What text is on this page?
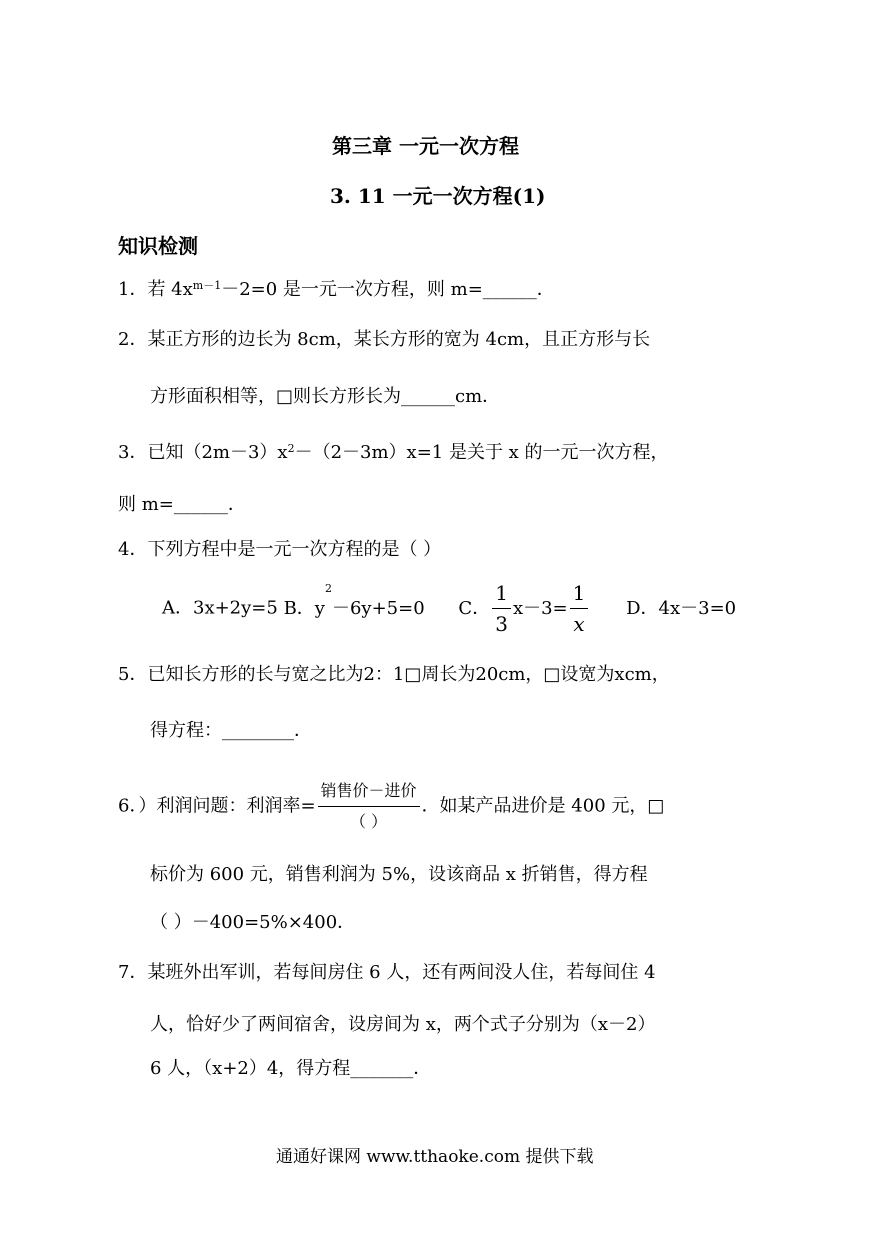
第三章 一元一次方程
3. 11 一元一次方程(1)
知识检测
1．若 $4x^{m-1}-2=0$ 是一元一次方程，则 m=______．
2．某正方形的边长为 8cm，某长方形的宽为 4cm，且正方形与长
方形面积相等，□则长方形长为______cm．
3．已知$(2m-3)x^2-(2-3m)x=1$ 是关于 x 的一元一次方程，
则 m=______．
4．下列方程中是一元一次方程的是（ ）
A．3x+2y=5 B．$y^2-6y+5=0$ C． $\frac{1}{3} x-3= \frac{1}{x}$ D．4x－3=0
5．已知长方形的长与宽之比为2：1□周长为20cm，□设宽为xcm，
得方程：________．
6．）利润问题：利润率= $\frac{\text{销售价－进价}}{( )}$ ．如某产品进价是 400 元，□
标价为 600 元，销售利润为 5%，设该商品 x 折销售，得方程
（ ）－400=5%×400．
7．某班外出军训，若每间房住 6 人，还有两间没人住，若每间住 4
人，恰好少了两间宿舍，设房间为 x，两个式子分别为（x－2）
6 人，（x+2）4，得方程_______．
通通好课网 www.tthaoke.com 提供下载
